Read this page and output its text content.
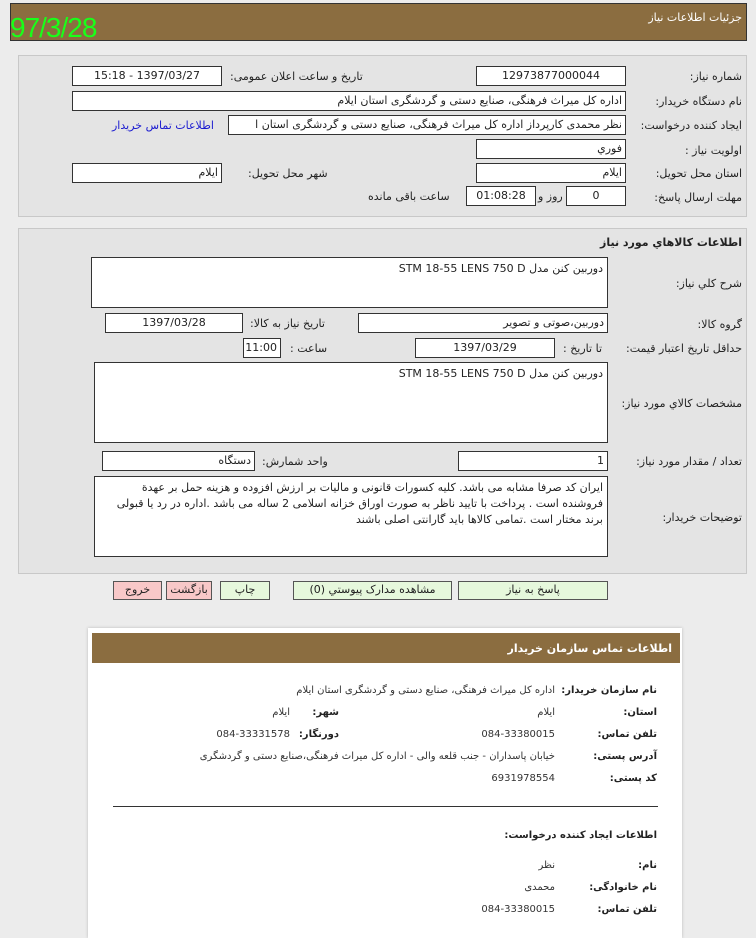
جزئیات اطلاعات نیاز
97/3/28
شماره نیاز:
12973877000044
تاریخ و ساعت اعلان عمومی:
1397/03/27 - 15:18
نام دستگاه خریدار:
اداره کل میراث فرهنگی، صنایع دستی و گردشگری استان ایلام
ایجاد کننده درخواست:
نظر محمدی کارپرداز اداره کل میراث فرهنگی، صنایع دستی و گردشگری استان ا
اطلاعات تماس خریدار
اولویت نیاز :
فوري
استان محل تحویل:
ایلام
شهر محل تحویل:
ایلام
مهلت ارسال پاسخ:
0
روز و
01:08:28
ساعت باقی مانده
اطلاعات کالاهاي مورد نياز
شرح کلي نياز:
دوربین کنن مدل STM 18-55 LENS 750 D
گروه کالا:
دوربین،صوتی و تصویر
تاریخ نیاز به کالا:
1397/03/28
حداقل تاریخ اعتبار قیمت:
تا تاریخ :
1397/03/29
ساعت :
11:00
مشخصات کالاي مورد نياز:
دوربین کنن مدل STM 18-55 LENS 750 D
تعداد / مقدار مورد نیاز:
1
واحد شمارش:
دستگاه
توضیحات خریدار:
ایران کد صرفا مشابه می باشد. کلیه کسورات قانونی و مالیات بر ارزش افزوده و هزینه حمل بر عهدة فروشنده است . پرداخت با تایید ناظر به صورت اوراق خزانه اسلامی 2 ساله می باشد .اداره در رد یا قبولی برند مختار است .تمامی کالاها باید گارانتی اصلی باشند
پاسخ به نیاز
مشاهده مدارک پیوستي (0)
چاپ
بازگشت
خروج
اطلاعات تماس سازمان خریدار
نام سازمان خریدار:
اداره کل میراث فرهنگی، صنایع دستی و گردشگری استان ایلام
استان:
ایلام
شهر:
ایلام
تلفن تماس:
084-33380015
دورنگار:
084-33331578
آدرس پستی:
خیابان پاسداران - جنب قلعه والی - اداره کل میراث فرهنگی،صنایع دستی و گردشگری
کد پستی:
6931978554
اطلاعات ایجاد کننده درخواست:
نام:
نظر
نام خانوادگی:
محمدی
تلفن تماس:
084-33380015
